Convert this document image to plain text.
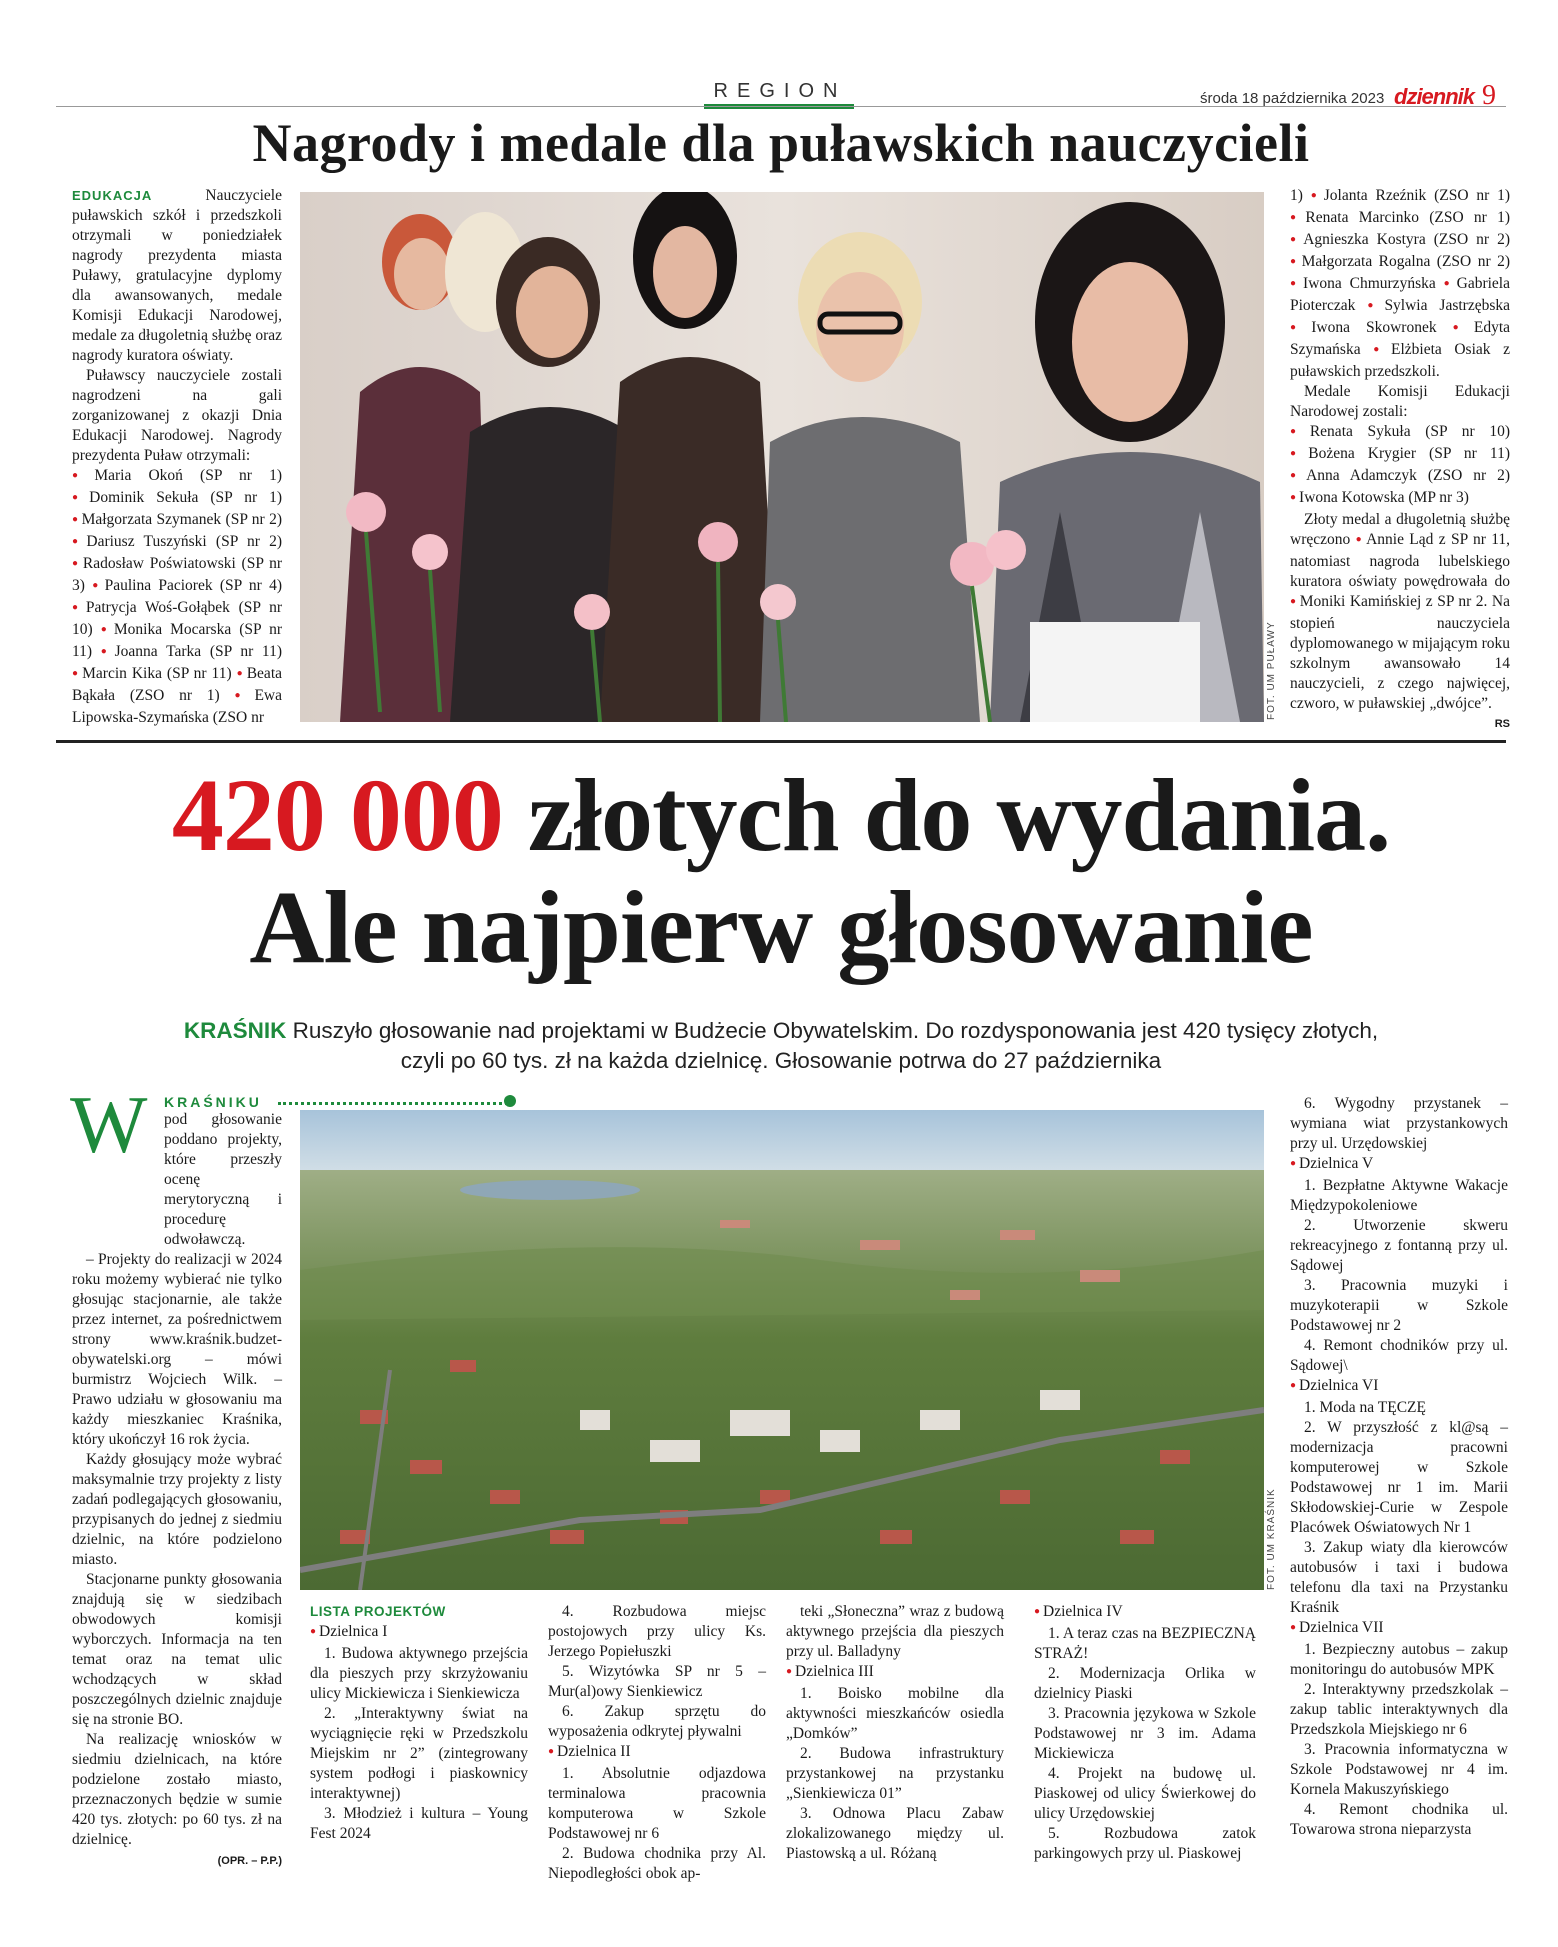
REGION	środa 18 października 2023 dziennik 9
Nagrody i medale dla puławskich nauczycieli

EDUKACJA	Nauczyciele puławskich szkół i przedszkoli otrzymali w poniedziałek nagrody prezydenta miasta Puławy, gratulacyjne dyplomy dla awansowanych, medale Komisji Edukacji Narodowej, medale za długoletnią służbę oraz nagrody kuratora oświaty.

Puławscy nauczyciele zostali nagrodzeni na gali zorganizowanej z okazji Dnia Edukacji Narodowej. Nagrody prezydenta Puław otrzymali:

● Maria Okoń (SP nr 1) ● Dominik Sekuła (SP nr 1) ● Małgorzata Szymanek (SP nr 2) ● Dariusz Tuszyński (SP nr 2) ● Radosław Poświatowski (SP nr 3) ● Paulina Paciorek (SP nr 4) ● Patrycja Woś-Gołąbek (SP nr 10) ● Monika Mocarska (SP nr 11) ● Joanna Tarka (SP nr 11) ● Marcin Kika (SP nr 11) ● Beata Bąkała (ZSO nr 1) ● Ewa Lipowska-Szymańska (ZSO nr	FOT. UM PUŁAWY

1) ● Jolanta Rzeźnik (ZSO nr 1) ● Renata Marcinko (ZSO nr 1) ● Agnieszka Kostyra (ZSO nr 2) ● Małgorzata Rogalna (ZSO nr 2) ● Iwona Chmurzyńska ● Gabriela Pioterczak ● Sylwia Jastrzębska ● Iwona Skowronek ● Edyta Szymańska ● Elżbieta Osiak z puławskich przedszkoli.

Medale Komisji Edukacji Narodowej zostali:

● Renata Sykuła (SP nr 10) ● Bożena Krygier (SP nr 11) ● Anna Adamczyk (ZSO nr 2) ● Iwona Kotowska (MP nr 3)

Złoty medal a długoletnią służbę wręczono ● Annie Ląd z SP nr 11, natomiast nagroda lubelskiego kuratora oświaty powędrowała do ● Moniki Kamińskiej z SP nr 2. Na stopień nauczyciela dyplomowanego w mijającym roku szkolnym awansowało 14 nauczycieli, z czego najwięcej, czworo, w puławskiej „dwójce”.
RS

420 000 złotych do wydania.
Ale najpierw głosowanie
KRAŚNIK Ruszyło głosowanie nad projektami w Budżecie Obywatelskim. Do rozdysponowania jest 420 tysięcy złotych,
czyli po 60 tys. zł na każda dzielnicę. Głosowanie potrwa do 27 października
W KRAŚNIKU

pod głosowanie poddano projekty, które przeszły ocenę merytoryczną i procedurę odwoławczą.

– Projekty do realizacji w 2024 roku możemy wybierać nie tylko głosując stacjonarnie, ale także przez internet, za pośrednictwem strony www.kraśnik.budzet-obywatelski.org – mówi burmistrz Wojciech Wilk. – Prawo udziału w głosowaniu ma każdy mieszkaniec Kraśnika, który ukończył 16 rok życia.

Każdy głosujący może wybrać maksymalnie trzy projekty z listy zadań podlegających głosowaniu, przypisanych do jednej z siedmiu dzielnic, na które podzielono miasto.

Stacjonarne punkty głosowania znajdują się w siedzibach obwodowych komisji wyborczych. Informacja na ten temat oraz na temat ulic wchodzących w skład poszczególnych dzielnic znajduje się na stronie BO.

Na realizację wniosków w siedmiu dzielnicach, na które podzielone zostało miasto, przeznaczonych będzie w sumie 420 tys. złotych: po 60 tys. zł na dzielnicę.

(OPR. – P.P.)

FOT. UM KRAŚNIK
LISTA PROJEKTÓW

● Dzielnica I

1. Budowa aktywnego przejścia dla pieszych przy skrzyżowaniu ulicy Mickiewicza i Sienkiewicza

2. „Interaktywny świat na wyciągnięcie ręki w Przedszkolu Miejskim nr 2” (zintegrowany system podłogi i piaskownicy interaktywnej)

3. Młodzież i kultura – Young Fest 2024

4. Rozbudowa miejsc postojowych przy ulicy Ks. Jerzego Popiełuszki

5. Wizytówka SP nr 5 – Mur(al)owy Sienkiewicz

6. Zakup sprzętu do wyposażenia odkrytej pływalni

● Dzielnica II

1. Absolutnie odjazdowa terminalowa pracownia komputerowa w Szkole Podstawowej nr 6

2. Budowa chodnika przy Al. Niepodległości obok ap-

teki „Słoneczna” wraz z budową aktywnego przejścia dla pieszych przy ul. Balladyny

● Dzielnica III

1. Boisko mobilne dla aktywności mieszkańców osiedla „Domków”

2. Budowa infrastruktury przystankowej na przystanku „Sienkiewicza 01”

3. Odnowa Placu Zabaw zlokalizowanego między ul. Piastowską a ul. Różaną

● Dzielnica IV

1. A teraz czas na BEZPIECZNĄ STRAŻ!

2. Modernizacja Orlika w dzielnicy Piaski

3. Pracownia językowa w Szkole Podstawowej nr 3 im. Adama Mickiewicza

4. Projekt na budowę ul. Piaskowej od ulicy Świerkowej do ulicy Urzędowskiej

5. Rozbudowa zatok parkingowych przy ul. Piaskowej

6. Wygodny przystanek – wymiana wiat przystankowych przy ul. Urzędowskiej

● Dzielnica V

1. Bezpłatne Aktywne Wakacje Międzypokoleniowe

2. Utworzenie skweru rekreacyjnego z fontanną przy ul. Sądowej

3. Pracownia muzyki i muzykoterapii w Szkole Podstawowej nr 2

4. Remont chodników przy ul. Sądowej\

● Dzielnica VI

1. Moda na TĘCZĘ

2. W przyszłość z kl@są – modernizacja pracowni komputerowej w Szkole Podstawowej nr 1 im. Marii Skłodowskiej-Curie w Zespole Placówek Oświatowych Nr 1

3. Zakup wiaty dla kierowców autobusów i taxi i budowa telefonu dla taxi na Przystanku Kraśnik

● Dzielnica VII

1. Bezpieczny autobus – zakup monitoringu do autobusów MPK

2. Interaktywny przedszkolak – zakup tablic interaktywnych dla Przedszkola Miejskiego nr 6

3. Pracownia informatyczna w Szkole Podstawowej nr 4 im. Kornela Makuszyńskiego

4. Remont chodnika ul. Towarowa strona nieparzysta
